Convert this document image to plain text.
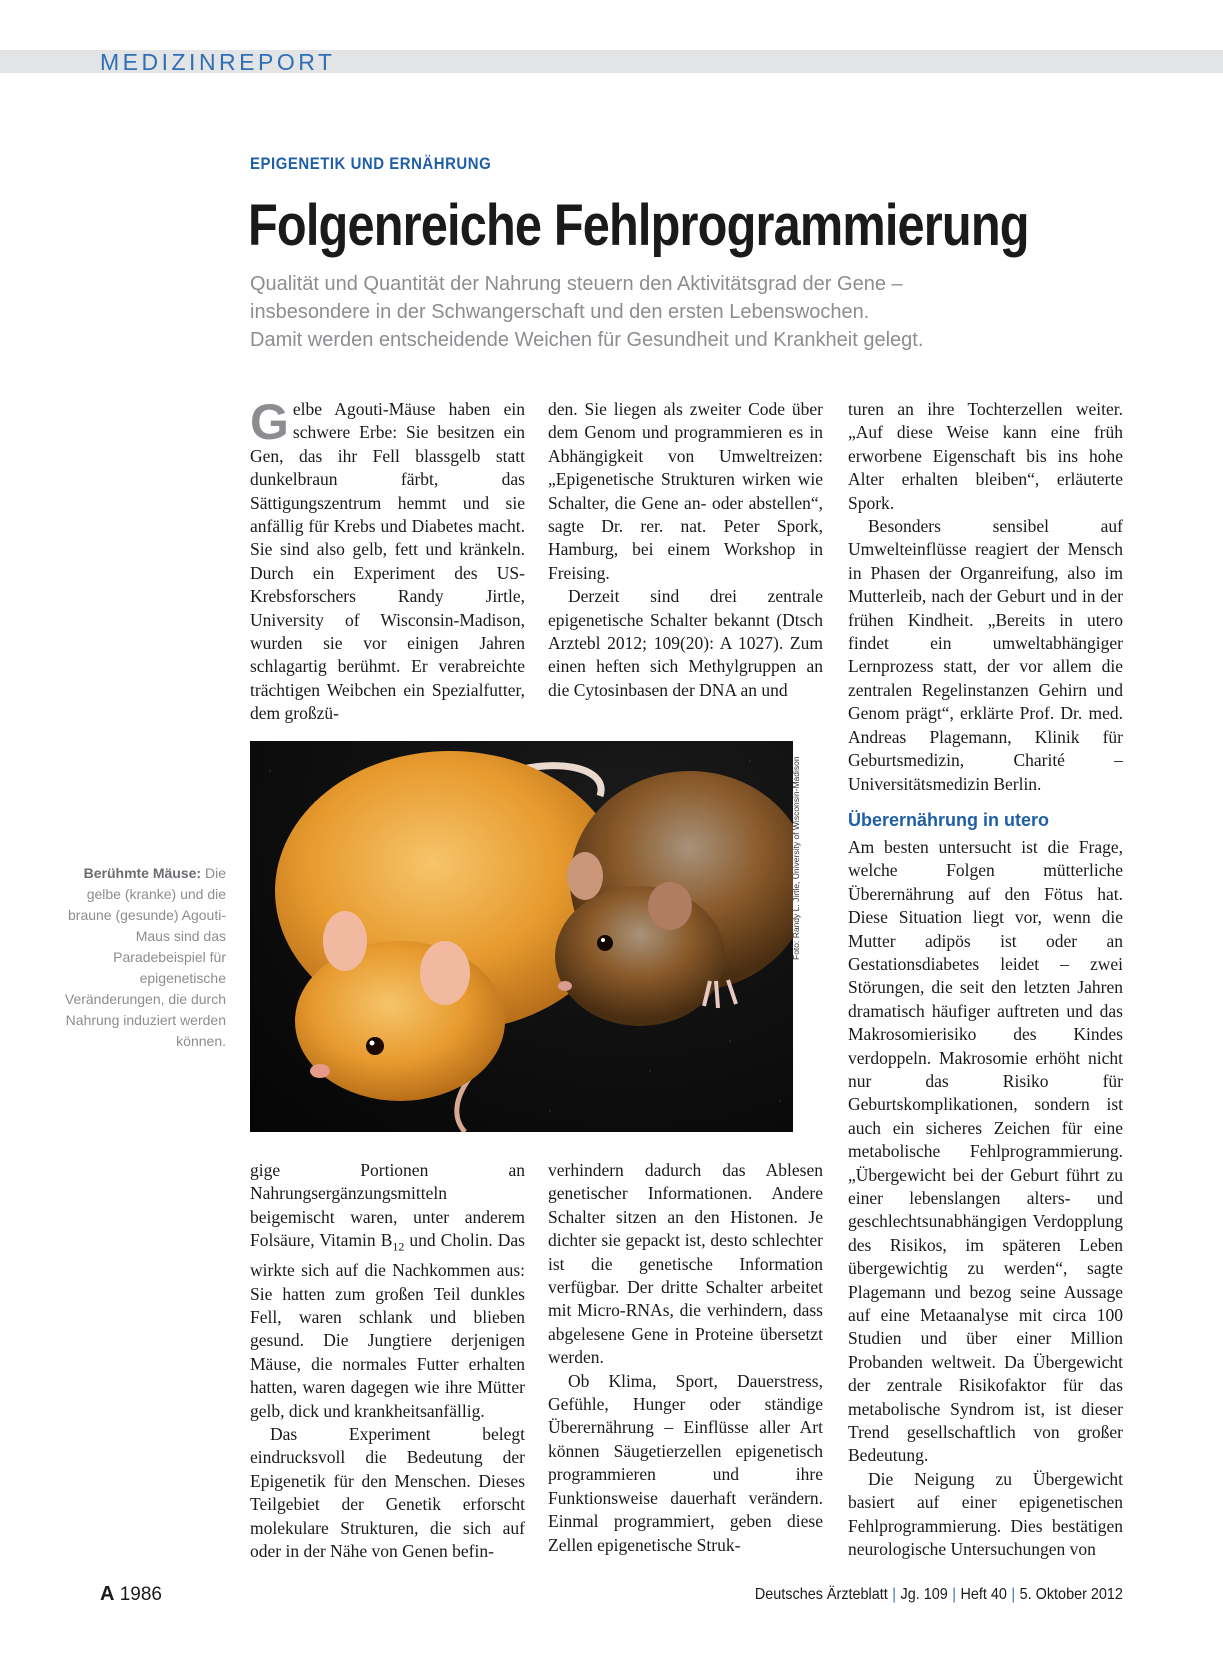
MEDIZINREPORT
EPIGENETIK UND ERNÄHRUNG
Folgenreiche Fehlprogrammierung
Qualität und Quantität der Nahrung steuern den Aktivitätsgrad der Gene –
insbesondere in der Schwangerschaft und den ersten Lebenswochen.
Damit werden entscheidende Weichen für Gesundheit und Krankheit gelegt.

Gelbe Agouti-Mäuse haben ein schwere Erbe: Sie besitzen ein Gen, das ihr Fell blassgelb statt dunkelbraun färbt, das Sättigungszentrum hemmt und sie anfällig für Krebs und Diabetes macht. Sie sind also gelb, fett und kränkeln. Durch ein Experiment des US-Krebsforschers Randy Jirtle, University of Wisconsin-Madison, wurden sie vor einigen Jahren schlagartig berühmt. Er verabreichte trächtigen Weibchen ein Spezialfutter, dem großzü-

den. Sie liegen als zweiter Code über dem Genom und programmieren es in Abhängigkeit von Umweltreizen: „Epigenetische Strukturen wirken wie Schalter, die Gene an- oder abstellen“, sagte Dr. rer. nat. Peter Spork, Hamburg, bei einem Workshop in Freising.

Derzeit sind drei zentrale epigenetische Schalter bekannt (Dtsch Arztebl 2012; 109(20): A 1027). Zum einen heften sich Methylgruppen an die Cytosinbasen der DNA an und

turen an ihre Tochterzellen weiter. „Auf diese Weise kann eine früh erworbene Eigenschaft bis ins hohe Alter erhalten bleiben“, erläuterte Spork.

Besonders sensibel auf Umwelteinflüsse reagiert der Mensch in Phasen der Organreifung, also im Mutterleib, nach der Geburt und in der frühen Kindheit. „Bereits in utero findet ein umweltabhängiger Lernprozess statt, der vor allem die zentralen Regelinstanzen Gehirn und Genom prägt“, erklärte Prof. Dr. med. Andreas Plagemann, Klinik für Geburtsmedizin, Charité – Universitätsmedizin Berlin.

Überernährung in utero

Am besten untersucht ist die Frage, welche Folgen mütterliche Überernährung auf den Fötus hat. Diese Situation liegt vor, wenn die Mutter adipös ist oder an Gestationsdiabetes leidet – zwei Störungen, die seit den letzten Jahren dramatisch häufiger auftreten und das Makrosomierisiko des Kindes verdoppeln. Makrosomie erhöht nicht nur das Risiko für Geburtskomplikationen, sondern ist auch ein sicheres Zeichen für eine metabolische Fehlprogrammierung. „Übergewicht bei der Geburt führt zu einer lebenslangen alters- und geschlechtsunabhängigen Verdopplung des Risikos, im späteren Leben übergewichtig zu werden“, sagte Plagemann und bezog seine Aussage auf eine Metaanalyse mit circa 100 Studien und über einer Million Probanden weltweit. Da Übergewicht der zentrale Risikofaktor für das metabolische Syndrom ist, ist dieser Trend gesellschaftlich von großer Bedeutung.

Die Neigung zu Übergewicht basiert auf einer epigenetischen Fehlprogrammierung. Dies bestätigen neurologische Untersuchungen von

Foto: Randy L. Jirtle, University of Wisconsin-Madison
Berühmte Mäuse: Die gelbe (kranke) und die braune (gesunde) Agouti-Maus sind das Paradebeispiel für epigenetische Veränderungen, die durch Nahrung induziert werden können.

gige Portionen an Nahrungsergänzungsmitteln beigemischt waren, unter anderem Folsäure, Vitamin $B_{12}$ und Cholin. Das wirkte sich auf die Nachkommen aus: Sie hatten zum großen Teil dunkles Fell, waren schlank und blieben gesund. Die Jungtiere derjenigen Mäuse, die normales Futter erhalten hatten, waren dagegen wie ihre Mütter gelb, dick und krankheitsanfällig.

Das Experiment belegt eindrucksvoll die Bedeutung der Epigenetik für den Menschen. Dieses Teilgebiet der Genetik erforscht molekulare Strukturen, die sich auf oder in der Nähe von Genen befin-

verhindern dadurch das Ablesen genetischer Informationen. Andere Schalter sitzen an den Histonen. Je dichter sie gepackt ist, desto schlechter ist die genetische Information verfügbar. Der dritte Schalter arbeitet mit Micro-RNAs, die verhindern, dass abgelesene Gene in Proteine übersetzt werden.

Ob Klima, Sport, Dauerstress, Gefühle, Hunger oder ständige Überernährung – Einflüsse aller Art können Säugetierzellen epigenetisch programmieren und ihre Funktionsweise dauerhaft verändern. Einmal programmiert, geben diese Zellen epigenetische Struk-

A 1986	Deutsches Ärzteblatt | Jg. 109 | Heft 40 | 5. Oktober 2012
